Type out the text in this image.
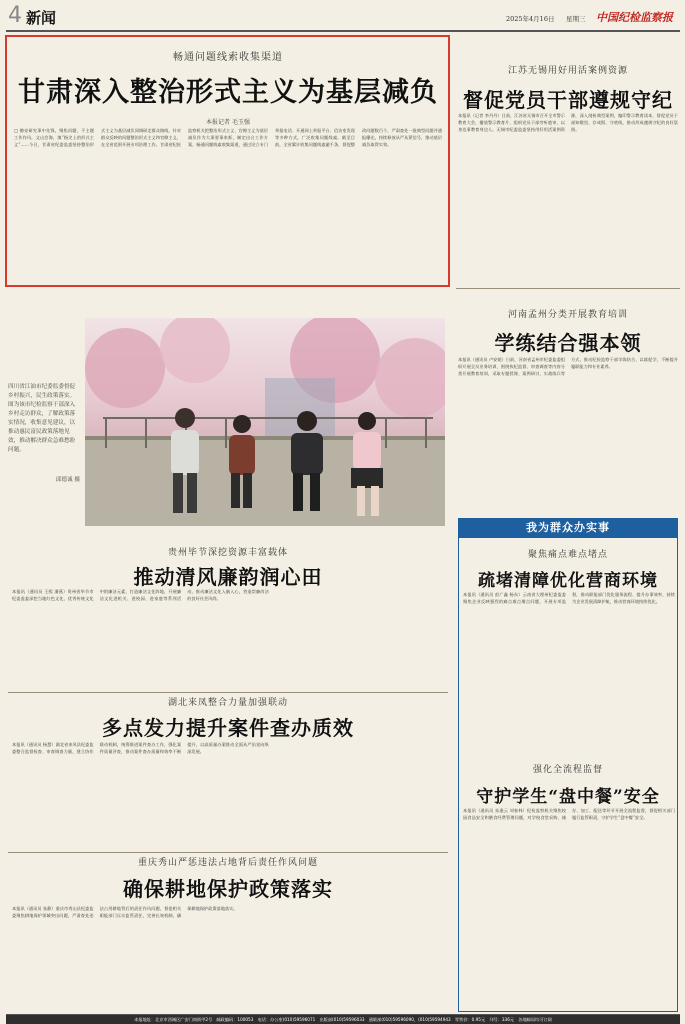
4 新闻	2025年4月16日 星期三 中国纪检监察报
畅通问题线索收集渠道
甘肃深入整治形式主义为基层减负
本报记者 毛玉强
□ 擦亮研究事中先锋，聚焦问题，不主题工作作风，文山会海，填“指尖上的形式主义”……今日，甘肃省纪委监委坚持整治形式主义为基层减负同调研走群众路线，针对群众反映的问题整治形式主义和官僚主义，在全省范围开展专项治理工作。甘肃省纪检监察机关把整治形式主义、官僚主义为基层减负作为大事要事来抓，制定出台工作方案，畅通问题线索收集渠道，通过设立专门举报电话、开通网上举报平台、信访室发现等多种方式，广泛收集问题线索。截至目前，全省累计收集问题线索逾千条，督促整改问题数百个，严肃查处一批典型问题并通报曝光，持续释放从严从紧信号，推动基层减负取得实效。
江苏无锡用好用活案例资源
督促党员干部遵规守纪
本报讯（记者 李丹丹）日前，江苏省无锡市召开全市警示教育大会，播放警示教育片，组织党员干部旁听庭审，以身边事教育身边人。无锡市纪委监委坚持用好用活案例资源，深入剖析典型案例，编印警示教育读本，督促党员干部知敬畏、存戒惧、守底线，推动形成遵规守纪的良好氛围。
四川省江油市纪委监委督促乡村振兴，民生政策落实。图为该市纪检监察干部深入乡村走访群众，了解政策落实情况，收集意见建议，以推动惠民富民政策落地见效，推动解决群众急难愁盼问题。
邱德诚 摄
河南孟州分类开展教育培训
学练结合强本领
本报讯（通讯员 卢安妮）日前，河南省孟州市纪委监委组织开展全员业务培训，围绕执纪监督、审查调查等内容分类开展教育培训，采取专题授课、案例研讨、实战练兵等方式，推动纪检监察干部学练结合、以练促学，不断提升履职能力和专业素养。
我为群众办实事
贵州毕节深挖资源丰富载体
推动清风廉韵润心田
本报讯（通讯员 王熙 潘燕）贵州省毕节市纪委监委深挖当地红色文化、优秀传统文化中的廉洁元素，打造廉洁文化阵地，开展廉洁文化进机关、进校园、进家庭等系列活动，推动廉洁文化入脑入心，营造崇廉尚洁的良好社会风尚。
湖北来凤整合力量加强联动
多点发力提升案件查办质效
本报讯（通讯员 杨慧）湖北省来凤县纪委监委整合监督检查、审查调查力量，建立协作联动机制，统筹推进案件查办工作，强化案件质量评查，推动案件查办质量和效率不断提升，以高质量办案推动全面从严治党向纵深发展。
重庆秀山严惩违法占地背后责任作风问题
确保耕地保护政策落实
本报讯（通讯员 张静）重庆市秀山县纪委监委聚焦耕地保护领域突出问题，严肃查处违法占用耕地背后的责任作风问题，督促相关职能部门压实监管责任，完善长效机制，确保耕地保护政策落地落实。
聚焦痛点难点堵点
疏堵清障优化营商环境
本报讯（通讯员 彭广鑫 杨东）云南省大理州纪委监委聚焦企业反映强烈的痛点难点堵点问题，开展专项监督，推动职能部门优化服务流程、提升办事效率，持续为企业发展清障护航，推动营商环境持续优化。
强化全流程监督
守护学生“盘中餐”安全
本报讯（通讯员 朱逢云 刘春林）纪检监察机关聚焦校园食品安全和膳食经费管理问题，对学校食堂采购、储存、加工、配送等环节开展全流程监督，督促相关部门履行监管职责，守护学生“盘中餐”安全。
本报地址：北京市西城区广安门南街甲2号　邮政编码：100053　电话：办公室(010)59596071　出版部(010)59596033　通联部(010)59596090，(010)59594943　零售价：0.95元　刊号：336元　各地邮局均可订阅
